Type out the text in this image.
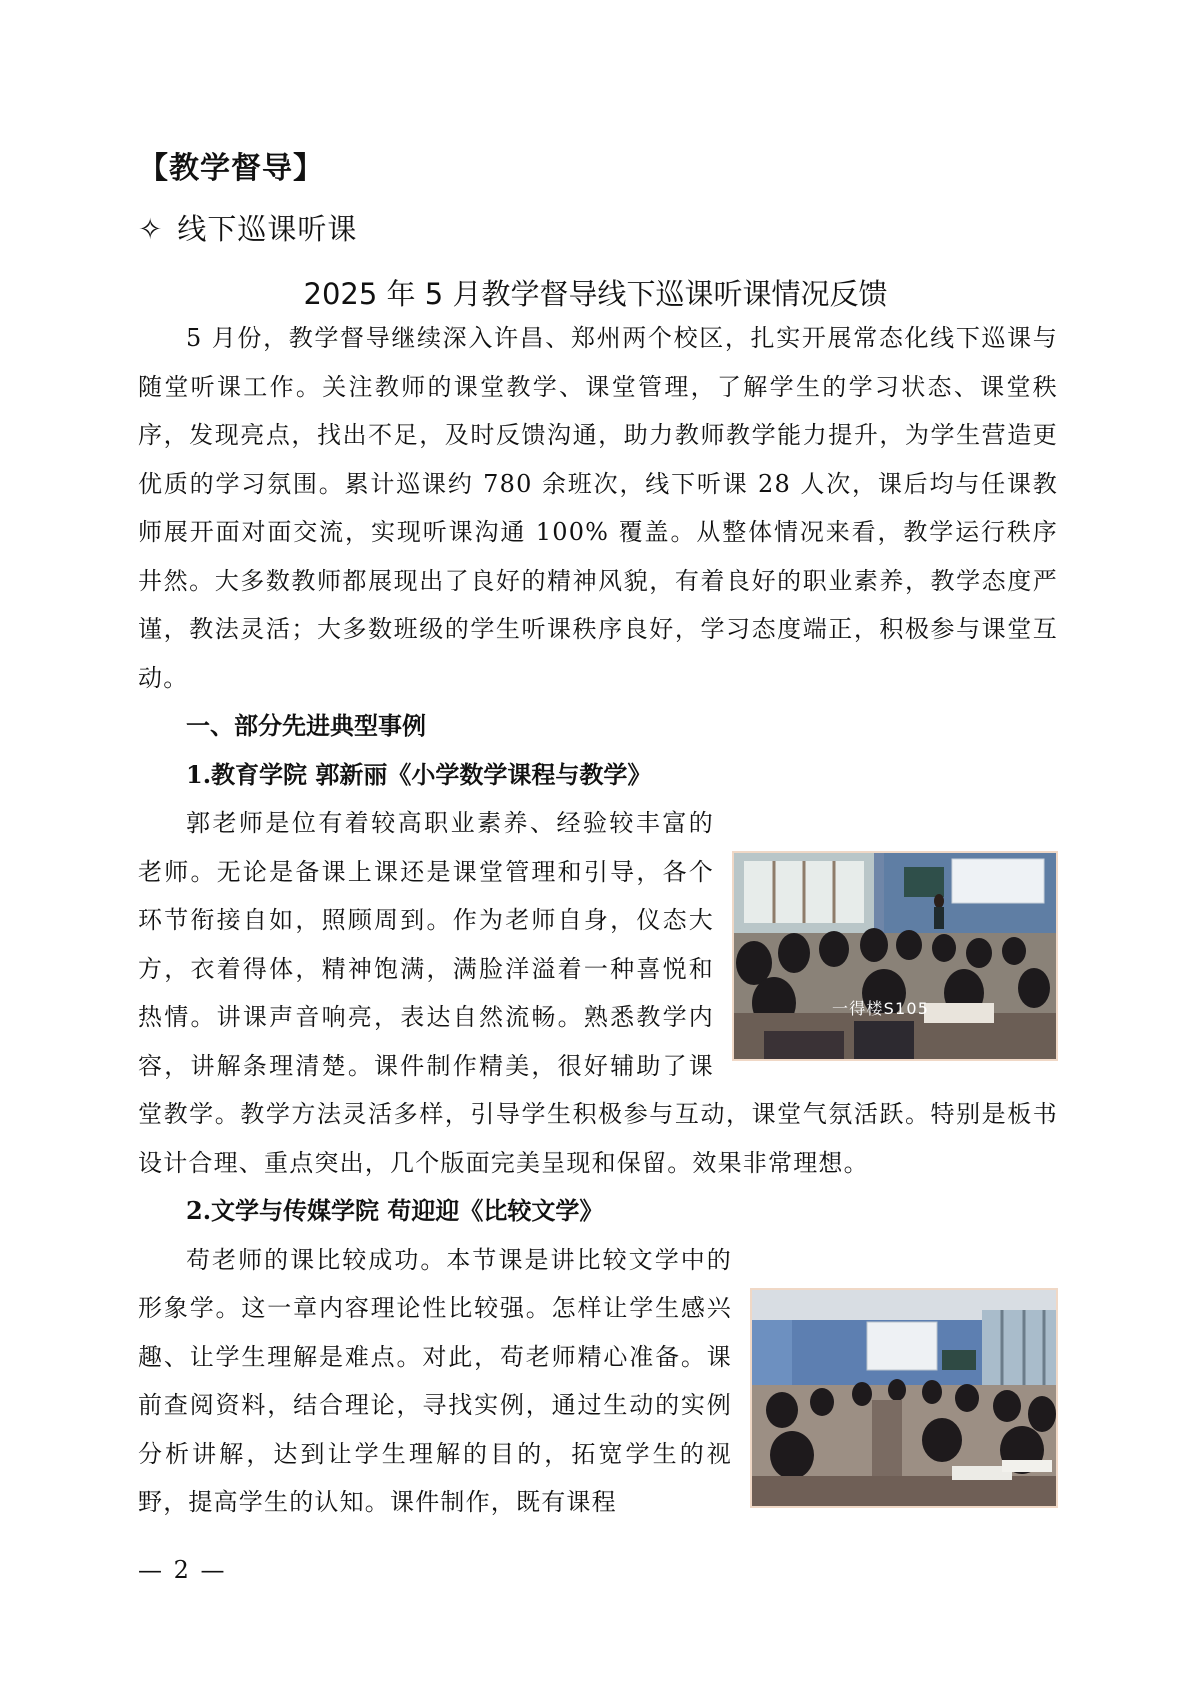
【教学督导】
✧ 线下巡课听课
2025 年 5 月教学督导线下巡课听课情况反馈

5 月份，教学督导继续深入许昌、郑州两个校区，扎实开展常态化线下巡课与随堂听课工作。关注教师的课堂教学、课堂管理，了解学生的学习状态、课堂秩序，发现亮点，找出不足，及时反馈沟通，助力教师教学能力提升，为学生营造更优质的学习氛围。累计巡课约 780 余班次，线下听课 28 人次，课后均与任课教师展开面对面交流，实现听课沟通 100% 覆盖。从整体情况来看，教学运行秩序井然。大多数教师都展现出了良好的精神风貌，有着良好的职业素养，教学态度严谨，教法灵活；大多数班级的学生听课秩序良好，学习态度端正，积极参与课堂互动。

一、部分先进典型事例

1.教育学院 郭新丽《小学数学课程与教学》

一得楼S105
郭老师是位有着较高职业素养、经验较丰富的老师。无论是备课上课还是课堂管理和引导，各个环节衔接自如，照顾周到。作为老师自身，仪态大方，衣着得体，精神饱满，满脸洋溢着一种喜悦和热情。讲课声音响亮，表达自然流畅。熟悉教学内容，讲解条理清楚。课件制作精美，很好辅助了课堂教学。教学方法灵活多样，引导学生积极参与互动，课堂气氛活跃。特别是板书设计合理、重点突出，几个版面完美呈现和保留。效果非常理想。

2.文学与传媒学院 苟迎迎《比较文学》

苟老师的课比较成功。本节课是讲比较文学中的形象学。这一章内容理论性比较强。怎样让学生感兴趣、让学生理解是难点。对此，苟老师精心准备。课前查阅资料，结合理论，寻找实例，通过生动的实例分析讲解，达到让学生理解的目的，拓宽学生的视野，提高学生的认知。课件制作，既有课程
— 2 —
